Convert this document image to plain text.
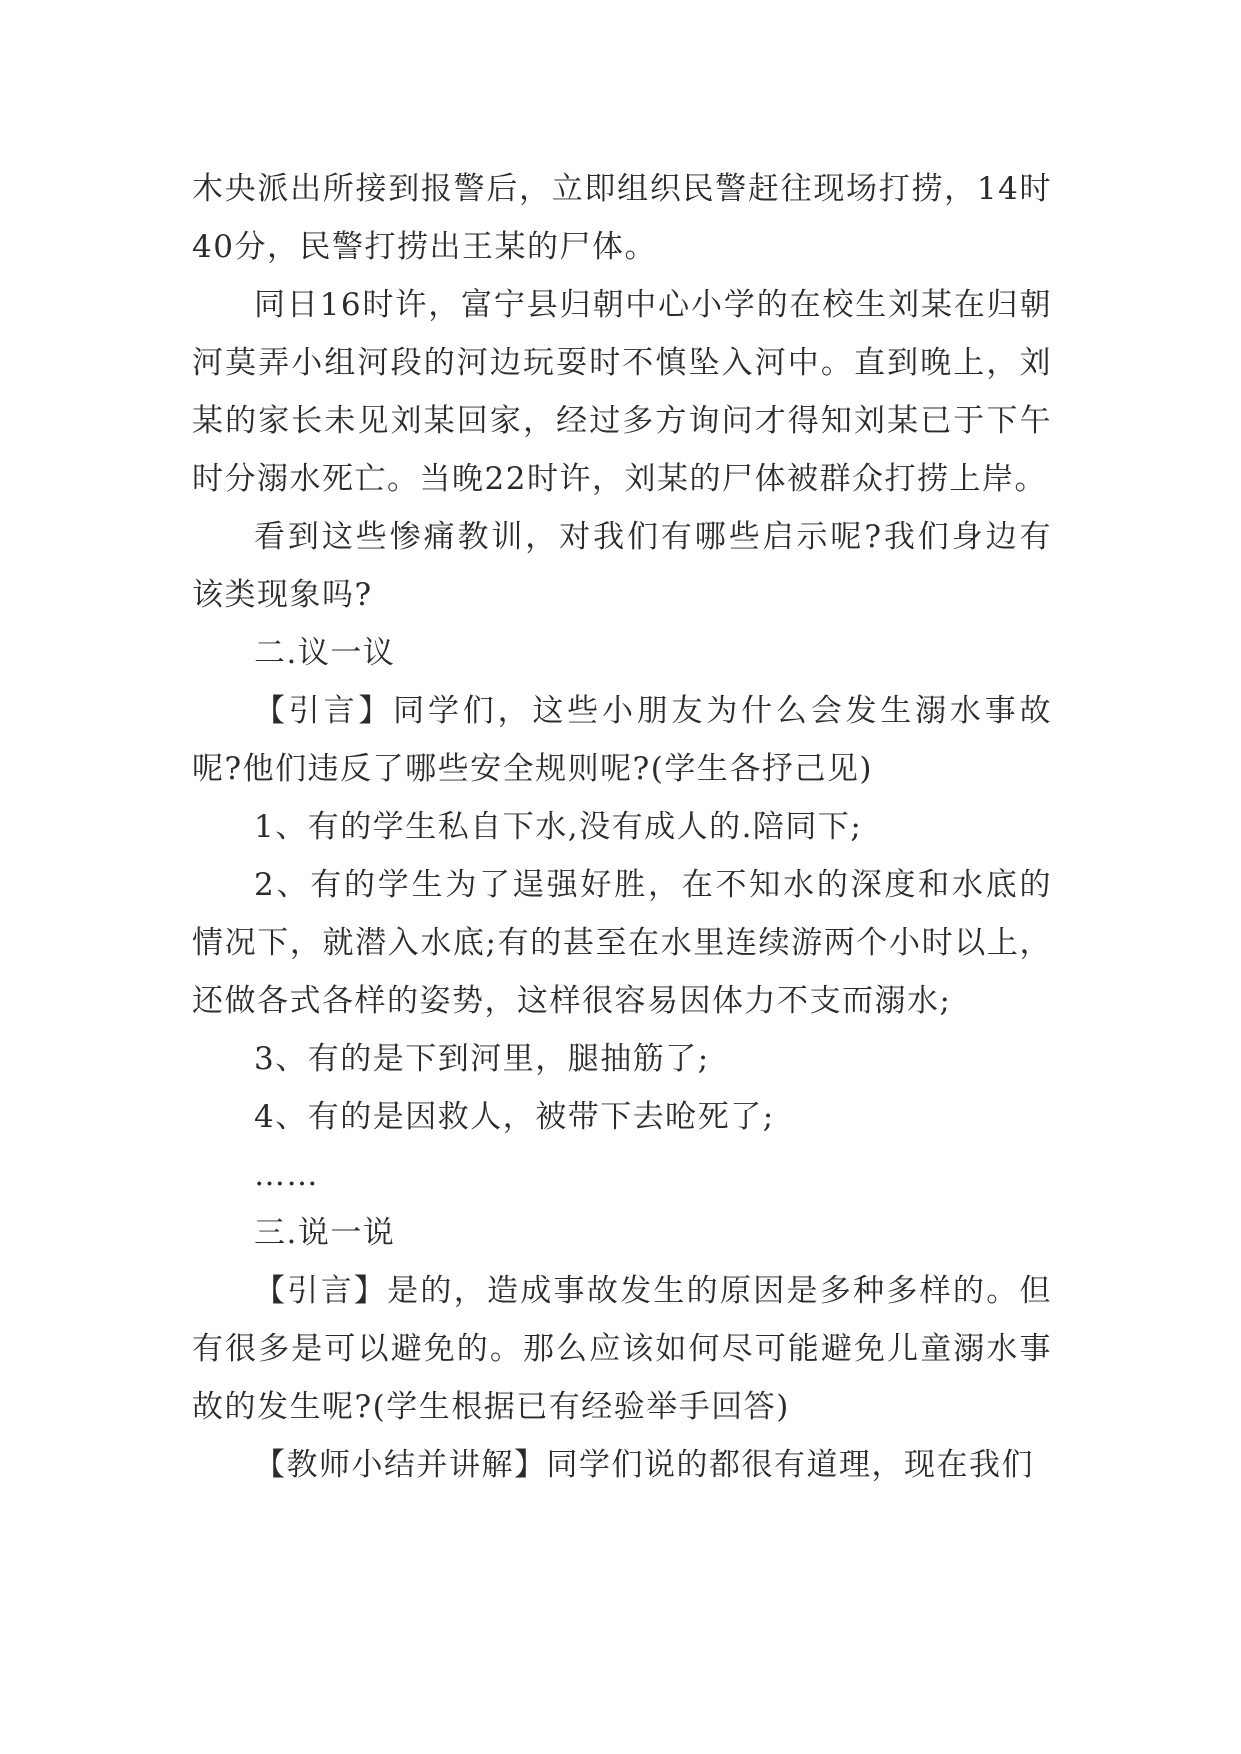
木央派出所接到报警后，立即组织民警赶往现场打捞，14时40分，民警打捞出王某的尸体。

同日16时许，富宁县归朝中心小学的在校生刘某在归朝河莫弄小组河段的河边玩耍时不慎坠入河中。直到晚上，刘某的家长未见刘某回家，经过多方询问才得知刘某已于下午时分溺水死亡。当晚22时许，刘某的尸体被群众打捞上岸。

看到这些惨痛教训，对我们有哪些启示呢?我们身边有该类现象吗?

二.议一议

【引言】同学们，这些小朋友为什么会发生溺水事故呢?他们违反了哪些安全规则呢?(学生各抒己见)

1、有的学生私自下水,没有成人的.陪同下;

2、有的学生为了逞强好胜，在不知水的深度和水底的情况下，就潜入水底;有的甚至在水里连续游两个小时以上，还做各式各样的姿势，这样很容易因体力不支而溺水;

3、有的是下到河里，腿抽筋了;

4、有的是因救人，被带下去呛死了;

……

三.说一说

【引言】是的，造成事故发生的原因是多种多样的。但有很多是可以避免的。那么应该如何尽可能避免儿童溺水事故的发生呢?(学生根据已有经验举手回答)

【教师小结并讲解】同学们说的都很有道理，现在我们
